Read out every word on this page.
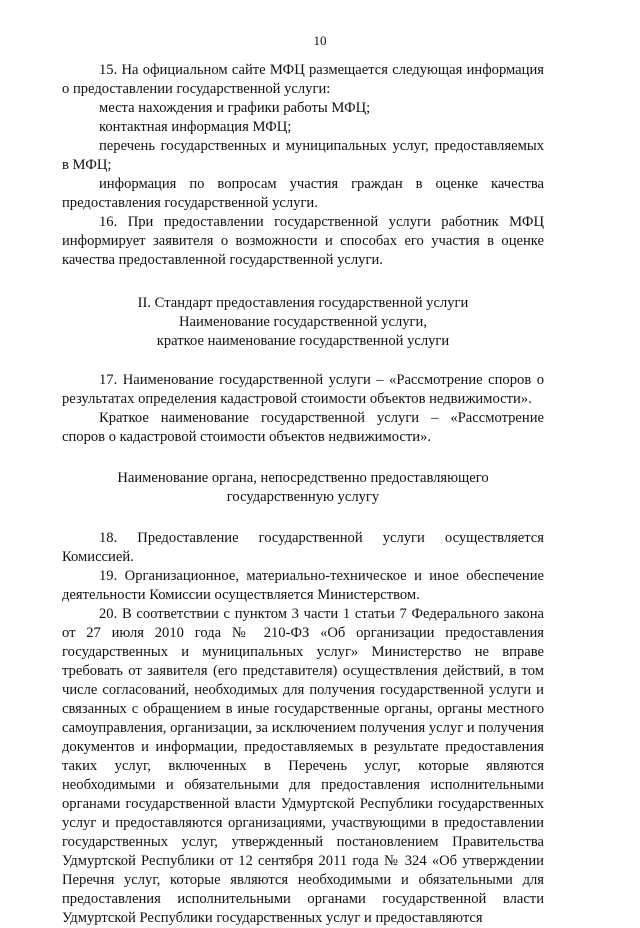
10

15. На официальном сайте МФЦ размещается следующая информация о предоставлении государственной услуги:

места нахождения и графики работы МФЦ;

контактная информация МФЦ;

перечень государственных и муниципальных услуг, предоставляемых в МФЦ;

информация по вопросам участия граждан в оценке качества предоставления государственной услуги.

16. При предоставлении государственной услуги работник МФЦ информирует заявителя о возможности и способах его участия в оценке качества предоставленной государственной услуги.

II. Стандарт предоставления государственной услуги

Наименование государственной услуги,

краткое наименование государственной услуги

17. Наименование государственной услуги – «Рассмотрение споров о результатах определения кадастровой стоимости объектов недвижимости».

Краткое наименование государственной услуги – «Рассмотрение споров о кадастровой стоимости объектов недвижимости».

Наименование органа, непосредственно предоставляющего

государственную услугу

18. Предоставление государственной услуги осуществляется Комиссией.

19. Организационное, материально-техническое и иное обеспечение деятельности Комиссии осуществляется Министерством.

20. В соответствии с пунктом 3 части 1 статьи 7 Федерального закона от 27 июля 2010 года № 210-ФЗ «Об организации предоставления государственных и муниципальных услуг» Министерство не вправе требовать от заявителя (его представителя) осуществления действий, в том числе согласований, необходимых для получения государственной услуги и связанных с обращением в иные государственные органы, органы местного самоуправления, организации, за исключением получения услуг и получения документов и информации, предоставляемых в результате предоставления таких услуг, включенных в Перечень услуг, которые являются необходимыми и обязательными для предоставления исполнительными органами государственной власти Удмуртской Республики государственных услуг и предоставляются организациями, участвующими в предоставлении государственных услуг, утвержденный постановлением Правительства Удмуртской Республики от 12 сентября 2011 года № 324 «Об утверждении Перечня услуг, которые являются необходимыми и обязательными для предоставления исполнительными органами государственной власти Удмуртской Республики государственных услуг и предоставляются
